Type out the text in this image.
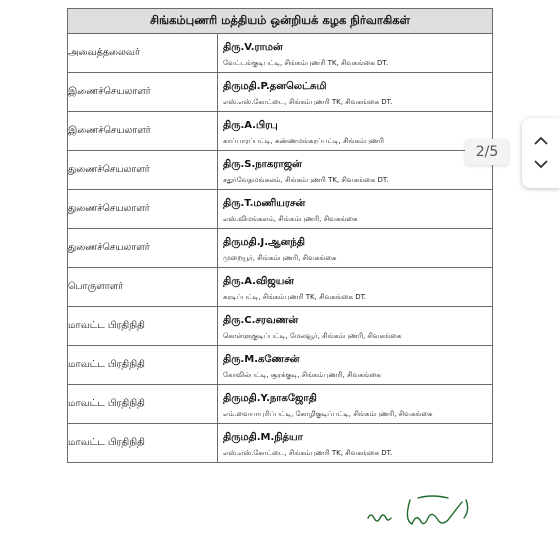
சிங்கம்புணரி மத்தியம் ஒன்றியக் கழக நிர்வாகிகள்	
அவைத்தலைவர்	திரு.V.ராமன்
வேட்டங்குடிபட்டி, சிங்கம்புணரி TK, சிவகங்கை DT.

இணைச்செயலாளர்	திருமதி.P.தனலெட்சுமி
எஸ்.எஸ்.கோட்டை, சிங்கம்புணரி TK, சிவகங்கை DT.

இணைச்செயலாளர்	திரு.A.பிரபு
காப்பாரப்பட்டி, கண்ணமங்கரப்பட்டி, சிங்கம்புணரி

துணைச்செயலாளர்	திரு.S.நாகராஜன்
சதுர்வேதமங்கலம், சிங்கம்புணரி TK, சிவகங்கை DT.

துணைச்செயலாளர்	திரு.T.மணியரசன்
எஸ்.விமங்கலம், சிங்கம்புணரி, சிவகங்கை

துணைச்செயலாளர்	திருமதி.J.ஆனந்தி
முறையூர், சிங்கம்புணரி, சிவகங்கை

பொருளாளர்	திரு.A.விஜயன்
கரடிப்பட்டி, சிங்கம்புணரி TK, சிவகங்கை DT.

மாவட்ட பிரதிநிதி	திரு.C.சரவணன்
கொள்ளுகுடிப்பட்டி, மேலவூர், சிங்கம்புணரி, சிவகங்கை

மாவட்ட பிரதிநிதி	திரு.M.கணேசன்
கோவில்பட்டி, சூரக்குடி, சிங்கம்புணரி, சிவகங்கை

மாவட்ட பிரதிநிதி	திருமதி.Y.நாகஜோதி
எம்.வையாபுரிப்பட்டி, கோழிகுடிப்பட்டி, சிங்கம்புணரி, சிவகங்கை

மாவட்ட பிரதிநிதி	திருமதி.M.நித்யா
எஸ்.எஸ்.கோட்டை, சிங்கம்புணரி TK, சிவகங்கை DT.
2/5
